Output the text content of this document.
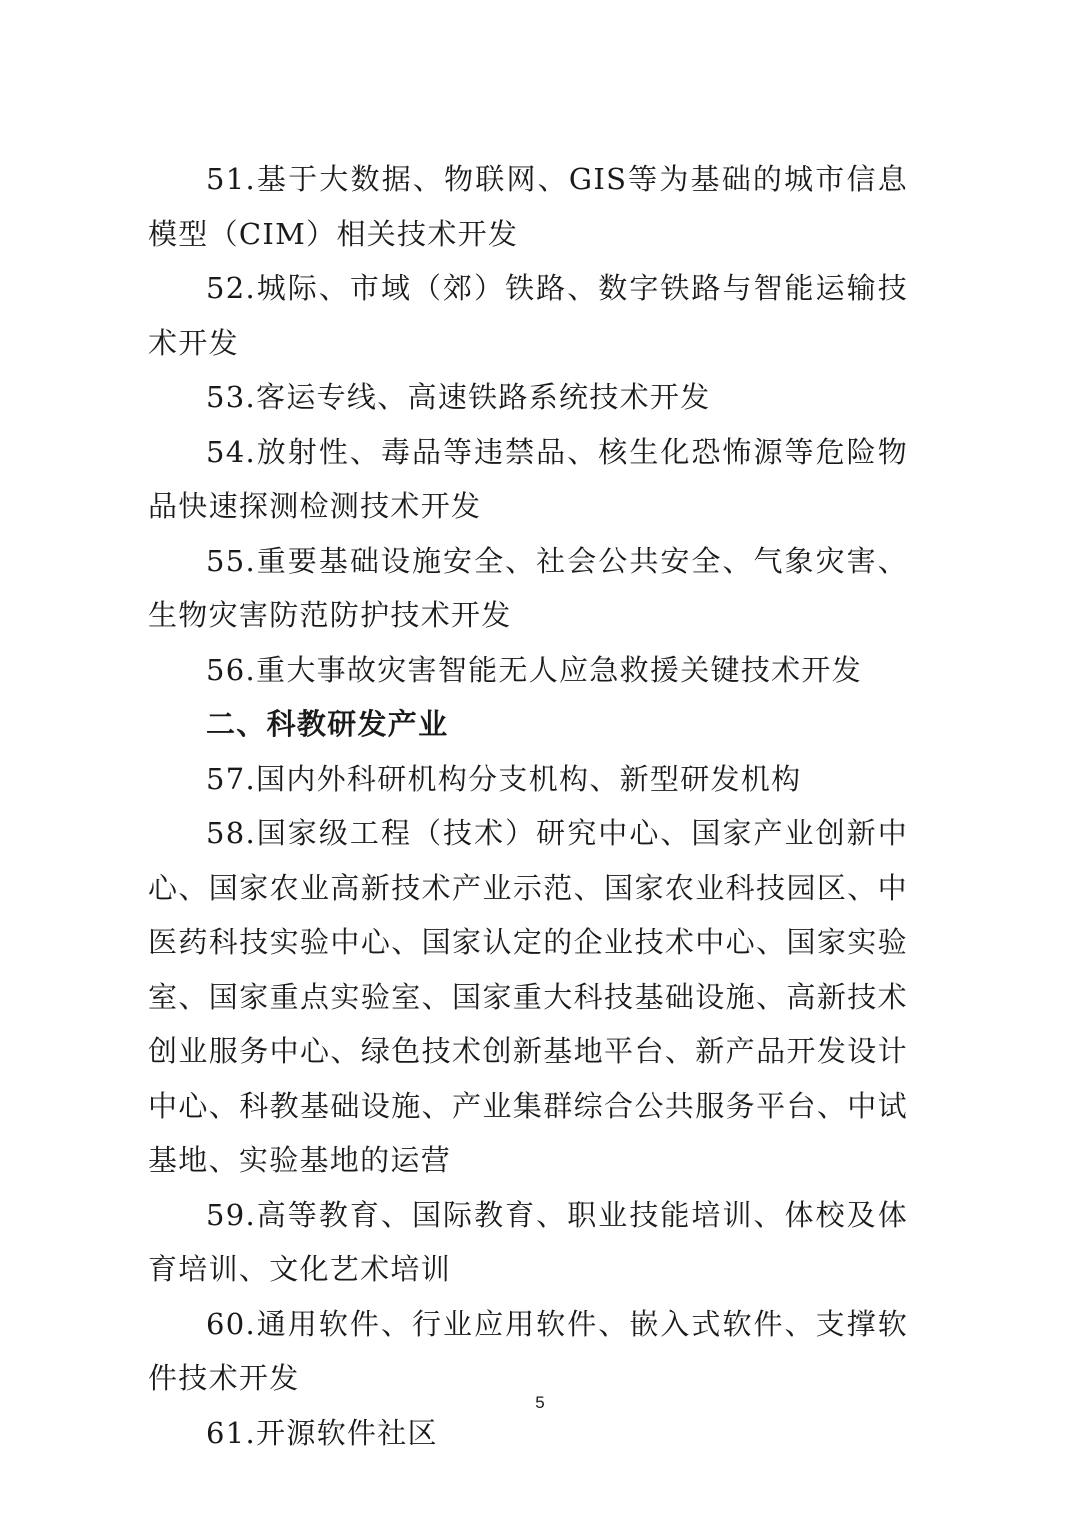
51.基于大数据、物联网、GIS等为基础的城市信息模型（CIM）相关技术开发

52.城际、市域（郊）铁路、数字铁路与智能运输技术开发

53.客运专线、高速铁路系统技术开发

54.放射性、毒品等违禁品、核生化恐怖源等危险物品快速探测检测技术开发

55.重要基础设施安全、社会公共安全、气象灾害、生物灾害防范防护技术开发

56.重大事故灾害智能无人应急救援关键技术开发

二、科教研发产业

57.国内外科研机构分支机构、新型研发机构

58.国家级工程（技术）研究中心、国家产业创新中心、国家农业高新技术产业示范、国家农业科技园区、中医药科技实验中心、国家认定的企业技术中心、国家实验室、国家重点实验室、国家重大科技基础设施、高新技术创业服务中心、绿色技术创新基地平台、新产品开发设计中心、科教基础设施、产业集群综合公共服务平台、中试基地、实验基地的运营

59.高等教育、国际教育、职业技能培训、体校及体育培训、文化艺术培训

60.通用软件、行业应用软件、嵌入式软件、支撑软件技术开发

61.开源软件社区

5
